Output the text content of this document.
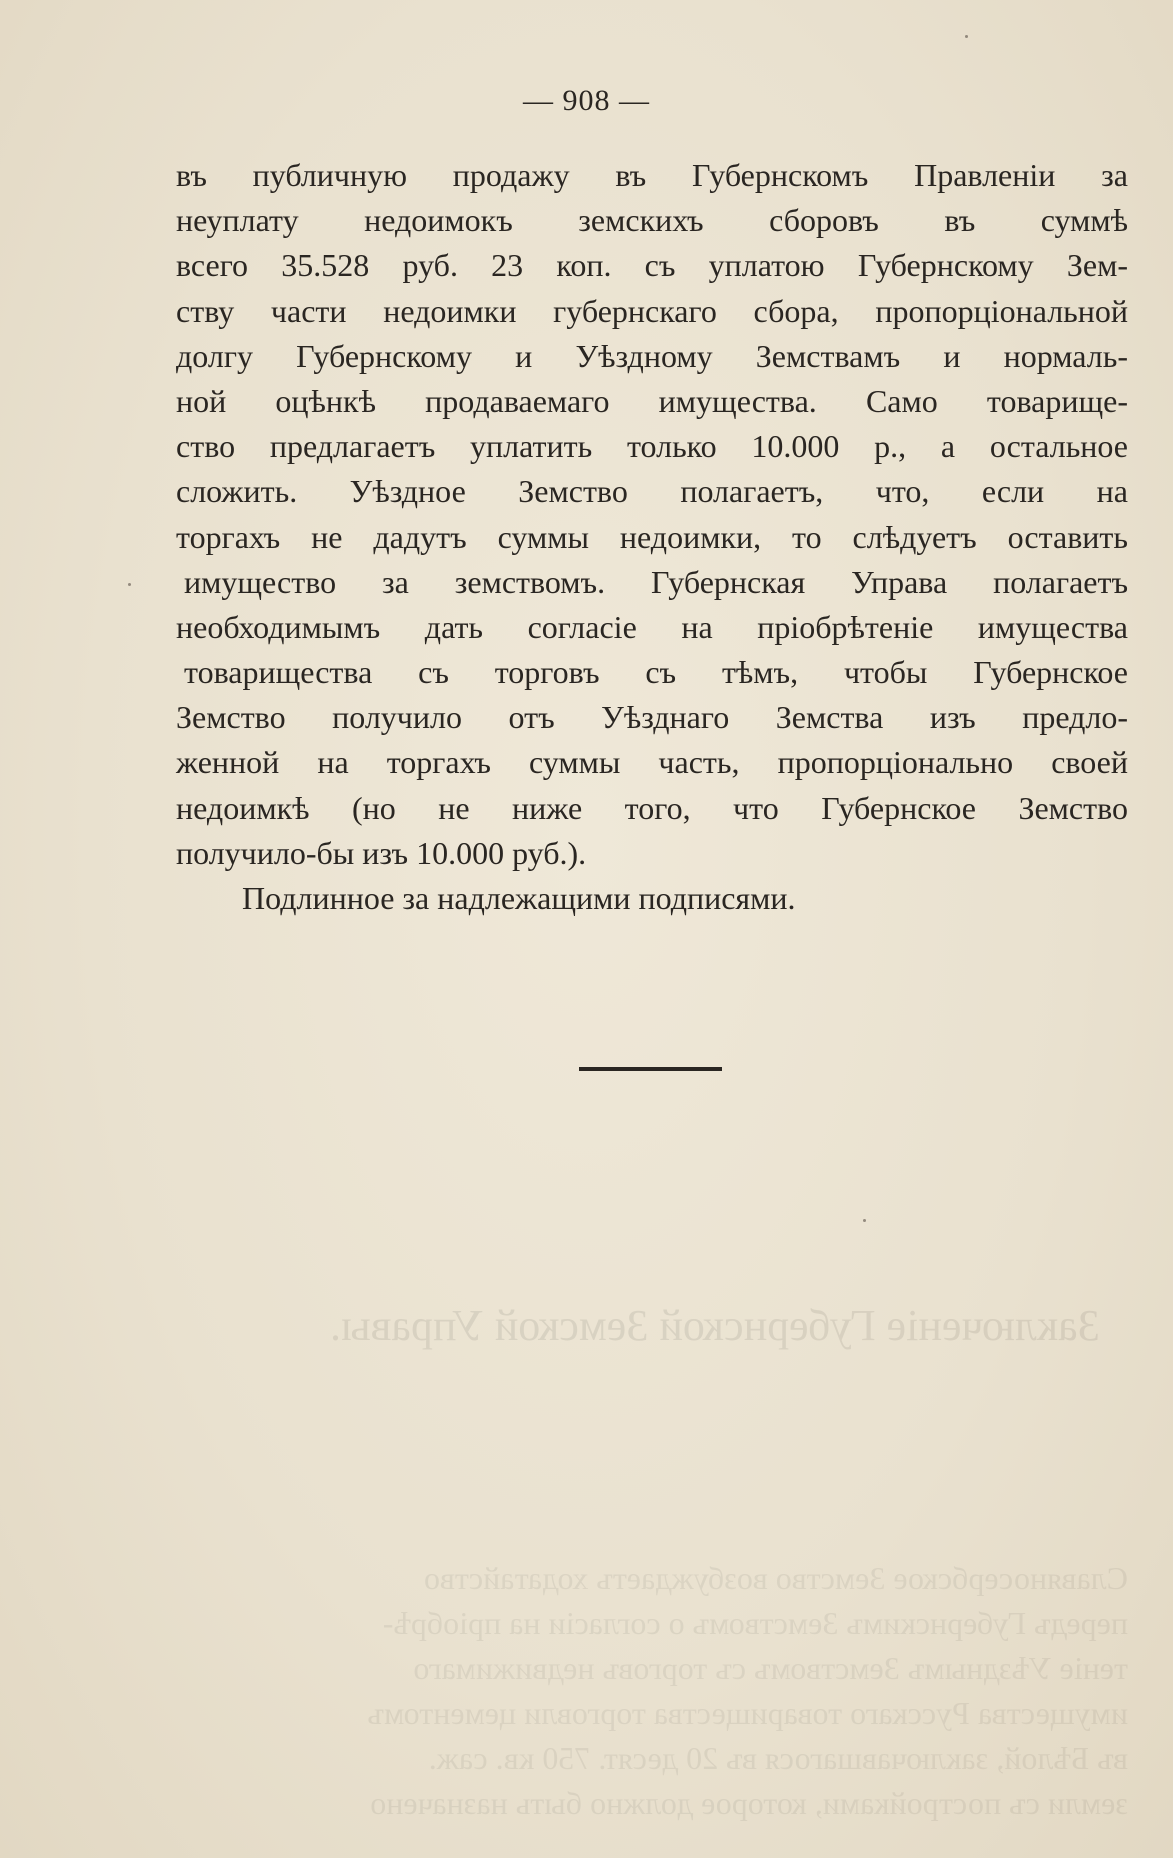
Славяносербское Земство возбуждаетъ ходатайство
передъ Губернскимъ Земствомъ о согласіи на пріобрѣ-
теніе Уѣзднымъ Земствомъ съ торговъ недвижимаго
имущества Русскаго товарищества торговли цементомъ
въ Бѣлой, заключавшагося въ 20 десят. 750 кв. саж.
земли съ постройками, которое должно быть назначено
Заключеніе Губернской Земской Управы.
— 908 —
въ публичную продажу въ Губернскомъ Правленіи за
неуплату недоимокъ земскихъ сборовъ въ суммѣ
всего 35.528 руб. 23 коп. съ уплатою Губернскому Зем-
ству части недоимки губернскаго сбора, пропорціональной
долгу Губернскому и Уѣздному Земствамъ и нормаль-
ной оцѣнкѣ продаваемаго имущества. Само товарище-
ство предлагаетъ уплатить только 10.000 р., а остальное
сложить. Уѣздное Земство полагаетъ, что, если на
торгахъ не дадутъ суммы недоимки, то слѣдуетъ оставить
имущество за земствомъ. Губернская Управа полагаетъ
необходимымъ дать согласіе на пріобрѣтеніе имущества
товарищества съ торговъ съ тѣмъ, чтобы Губернское
Земство получило отъ Уѣзднаго Земства изъ предло-
женной на торгахъ суммы часть, пропорціонально своей
недоимкѣ (но не ниже того, что Губернское Земство
получило-бы изъ 10.000 руб.).
Подлинное за надлежащими подписями.
